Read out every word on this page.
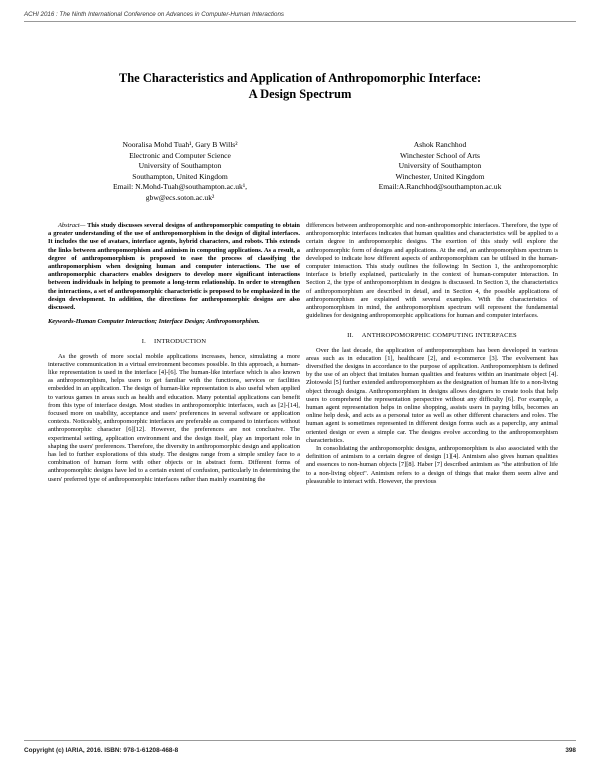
ACHI 2016 : The Ninth International Conference on Advances in Computer-Human Interactions
The Characteristics and Application of Anthropomorphic Interface:
A Design Spectrum
Nooralisa Mohd Tuah¹, Gary B Wills²
Electronic and Computer Science
University of Southampton
Southampton, United Kingdom
Email: N.Mohd-Tuah@southampton.ac.uk¹,
gbw@ecs.soton.ac.uk²
Ashok Ranchhod
Winchester School of Arts
University of Southampton
Winchester, United Kingdom
Email:A.Ranchhod@southampton.ac.uk

Abstract— This study discusses several designs of anthropomorphic computing to obtain a greater understanding of the use of anthropomorphism in the design of digital interfaces. It includes the use of avatars, interface agents, hybrid characters, and robots. This extends the links between anthropomorphism and animism in computing applications. As a result, a degree of anthropomorphism is proposed to ease the process of classifying the anthropomorphism when designing human and computer interactions. The use of anthropomorphic characters enables designers to develop more significant interactions between individuals in helping to promote a long-term relationship. In order to strengthen the interactions, a set of anthropomorphic characteristic is proposed to be emphasized in the design development. In addition, the directions for anthropomorphic designs are also discussed.

Keywords-Human Computer Interaction; Interface Design; Anthropomorphism.

I. INTRODUCTION

As the growth of more social mobile applications increases, hence, simulating a more interactive communication in a virtual environment becomes possible. In this approach, a human-like representation is used in the interface [4]-[6]. The human-like interface which is also known as anthropomorphism, helps users to get familiar with the functions, services or facilities embedded in an application. The design of human-like representation is also useful when applied to various games in areas such as health and education. Many potential applications can benefit from this type of interface design. Most studies in anthropomorphic interfaces, such as [2]-[14], focused more on usability, acceptance and users' preferences in several software or application contexts. Noticeably, anthropomorphic interfaces are preferable as compared to interfaces without anthropomorphic character [6][12]. However, the preferences are not conclusive. The experimental setting, application environment and the design itself, play an important role in shaping the users' preferences. Therefore, the diversity in anthropomorphic design and application has led to further explorations of this study. The designs range from a simple smiley face to a combination of human form with other objects or in abstract form. Different forms of anthropomorphic designs have led to a certain extent of confusion, particularly in determining the users' preferred type of anthropomorphic interfaces rather than mainly examining the

differences between anthropomorphic and non-anthropomorphic interfaces. Therefore, the type of anthropomorphic interfaces indicates that human qualities and characteristics will be applied to a certain degree in anthropomorphic designs. The exertion of this study will explore the anthropomorphic form of designs and applications. At the end, an anthropomorphism spectrum is developed to indicate how different aspects of anthropomorphism can be utilised in the human-computer interaction. This study outlines the following: In Section 1, the anthropomorphic interface is briefly explained, particularly in the context of human-computer interaction. In Section 2, the type of anthropomorphism in designs is discussed. In Section 3, the characteristics of anthropomorphism are described in detail, and in Section 4, the possible applications of anthropomorphism are explained with several examples. With the characteristics of anthropomorphism in mind, the anthropomorphism spectrum will represent the fundamental guidelines for designing anthropomorphic applications for human and computer interfaces.

II. ANTHROPOMORPHIC COMPUTING INTERFACES

Over the last decade, the application of anthropomorphism has been developed in various areas such as in education [1], healthcare [2], and e-commerce [3]. The evolvement has diversified the designs in accordance to the purpose of application. Anthropomorphism is defined by the use of an object that imitates human qualities and features within an inanimate object [4]. Złotowski [5] further extended anthropomorphism as the designation of human life to a non-living object through designs. Anthropomorphism in designs allows designers to create tools that help users to comprehend the representation perspective without any difficulty [6]. For example, a human agent representation helps in online shopping, assists users in paying bills, becomes an online help desk, and acts as a personal tutor as well as other different characters and roles. The human agent is sometimes represented in different design forms such as a paperclip, any animal oriented design or even a simple car. The designs evolve according to the anthropomorphism characteristics.

In consolidating the anthropomorphic designs, anthropomorphism is also associated with the definition of animism to a certain degree of design [1][4]. Animism also gives human qualities and essences to non-human objects [7][8]. Haber [7] described animism as "the attribution of life to a non-living object". Animism refers to a design of things that make them seem alive and pleasurable to interact with. However, the previous

Copyright (c) IARIA, 2016. ISBN: 978-1-61208-468-8	398
